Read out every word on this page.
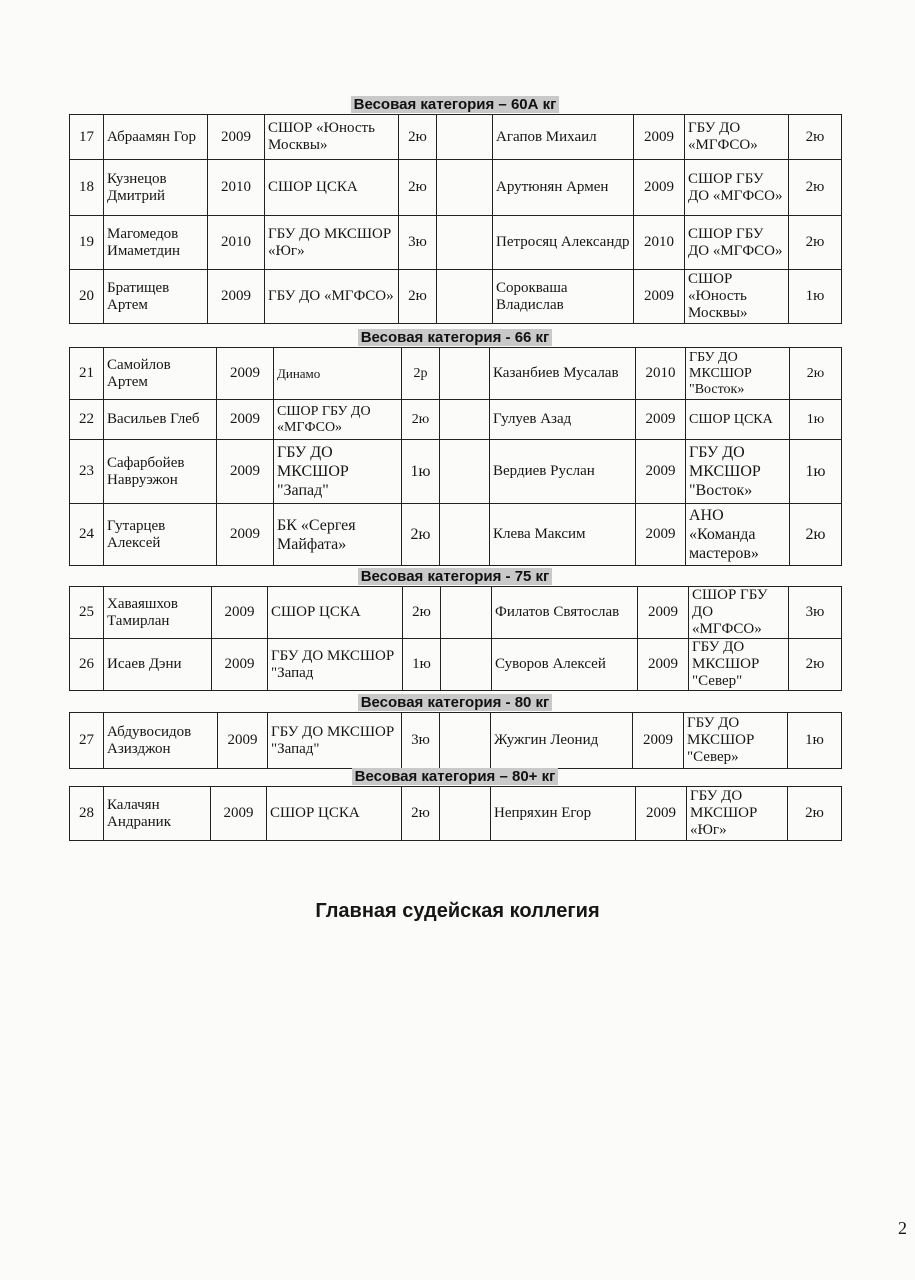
Весовая категория – 60А кг
17	Абраамян Гор	2009	СШОР «Юность Москвы»	2ю		Агапов Михаил	2009	ГБУ ДО «МГФСО»	2ю
18	Кузнецов Дмитрий	2010	СШОР ЦСКА	2ю		Арутюнян Армен	2009	СШОР ГБУ ДО «МГФСО»	2ю
19	Магомедов Имаметдин	2010	ГБУ ДО МКСШОР «Юг»	3ю		Петросяц Александр	2010	СШОР ГБУ ДО «МГФСО»	2ю
20	Братищев Артем	2009	ГБУ ДО «МГФСО»	2ю		Сорокваша Владислав	2009	СШОР «Юность Москвы»	1ю
Весовая категория - 66 кг
21	Самойлов Артем	2009	Динамо	2р		Казанбиев Мусалав	2010	ГБУ ДО МКСШОР "Восток»	2ю
22	Васильев Глеб	2009	СШОР ГБУ ДО «МГФСО»	2ю		Гулуев Азад	2009	СШОР ЦСКА	1ю
23	Сафарбойев Навруэжон	2009	ГБУ ДО МКСШОР "Запад"	1ю		Вердиев Руслан	2009	ГБУ ДО МКСШОР "Восток»	1ю
24	Гутарцев Алексей	2009	БК «Сергея Майфата»	2ю		Клева Максим	2009	АНО «Команда мастеров»	2ю
Весовая категория - 75 кг
25	Хаваяшхов Тамирлан	2009	СШОР ЦСКА	2ю		Филатов Святослав	2009	СШОР ГБУ ДО «МГФСО»	3ю
26	Исаев Дэни	2009	ГБУ ДО МКСШОР "Запад	1ю		Суворов Алексей	2009	ГБУ ДО МКСШОР "Север"	2ю
Весовая категория - 80 кг
27	Абдувосидов Азизджон	2009	ГБУ ДО МКСШОР "Запад"	3ю		Жужгин Леонид	2009	ГБУ ДО МКСШОР "Север»	1ю
Весовая категория – 80+ кг
28	Калачян Андраник	2009	СШОР ЦСКА	2ю		Непряхин Егор	2009	ГБУ ДО МКСШОР «Юг»	2ю
Главная судейская коллегия
2
